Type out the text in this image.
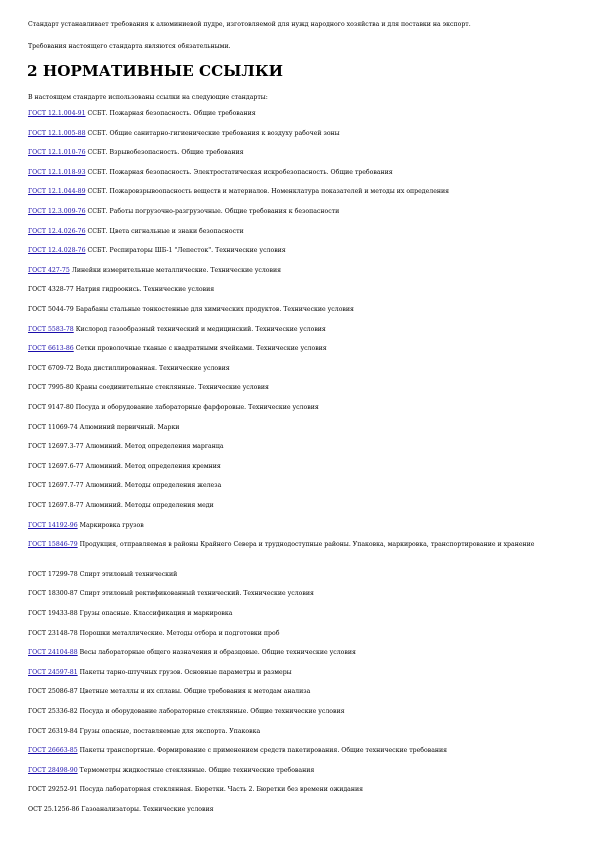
Стандарт устанавливает требования к алюминиевой пудре, изготовляемой для нужд народного хозяйства и для поставки на экспорт.
Требования настоящего стандарта являются обязательными.
2 НОРМАТИВНЫЕ ССЫЛКИ
В настоящем стандарте использованы ссылки на следующие стандарты:
ГОСТ 12.1.004-91 ССБТ. Пожарная безопасность. Общие требования
ГОСТ 12.1.005-88 ССБТ. Общие санитарно-гигиенические требования к воздуху рабочей зоны
ГОСТ 12.1.010-76 ССБТ. Взрывобезопасность. Общие требования
ГОСТ 12.1.018-93 ССБТ. Пожарная безопасность. Электростатическая искробезопасность. Общие требования
ГОСТ 12.1.044-89 ССБТ. Пожаровзрывоопасность веществ и материалов. Номенклатура показателей и методы их определения
ГОСТ 12.3.009-76 ССБТ. Работы погрузочно-разгрузочные. Общие требования к безопасности
ГОСТ 12.4.026-76 ССБТ. Цвета сигнальные и знаки безопасности
ГОСТ 12.4.028-76 ССБТ. Респираторы ШБ-1 "Лепесток". Технические условия
ГОСТ 427-75 Линейки измерительные металлические. Технические условия
ГОСТ 4328-77 Натрия гидроокись. Технические условия
ГОСТ 5044-79 Барабаны стальные тонкостенные для химических продуктов. Технические условия
ГОСТ 5583-78 Кислород газообразный технический и медицинский. Технические условия
ГОСТ 6613-86 Сетки проволочные тканые с квадратными ячейками. Технические условия
ГОСТ 6709-72 Вода дистиллированная. Технические условия
ГОСТ 7995-80 Краны соединительные стеклянные. Технические условия
ГОСТ 9147-80 Посуда и оборудование лабораторные фарфоровые. Технические условия
ГОСТ 11069-74 Алюминий первичный. Марки
ГОСТ 12697.3-77 Алюминий. Метод определения марганца
ГОСТ 12697.6-77 Алюминий. Метод определения кремния
ГОСТ 12697.7-77 Алюминий. Методы определения железа
ГОСТ 12697.8-77 Алюминий. Методы определения меди
ГОСТ 14192-96 Маркировка грузов
ГОСТ 15846-79 Продукция, отправляемая в районы Крайнего Севера и труднодоступные районы. Упаковка, маркировка, транспортирование и хранение
ГОСТ 17299-78 Спирт этиловый технический
ГОСТ 18300-87 Спирт этиловый ректификованный технический. Технические условия
ГОСТ 19433-88 Грузы опасные. Классификация и маркировка
ГОСТ 23148-78 Порошки металлические. Методы отбора и подготовки проб
ГОСТ 24104-88 Весы лабораторные общего назначения и образцовые. Общие технические условия
ГОСТ 24597-81 Пакеты тарно-штучных грузов. Основные параметры и размеры
ГОСТ 25086-87 Цветные металлы и их сплавы. Общие требования к методам анализа
ГОСТ 25336-82 Посуда и оборудование лабораторные стеклянные. Общие технические условия
ГОСТ 26319-84 Грузы опасные, поставляемые для экспорта. Упаковка
ГОСТ 26663-85 Пакеты транспортные. Формирование с применением средств пакетирования. Общие технические требования
ГОСТ 28498-90 Термометры жидкостные стеклянные. Общие технические требования
ГОСТ 29252-91 Посуда лабораторная стеклянная. Бюретки. Часть 2. Бюретки без времени ожидания
ОСТ 25.1256-86 Газоанализаторы. Технические условия
